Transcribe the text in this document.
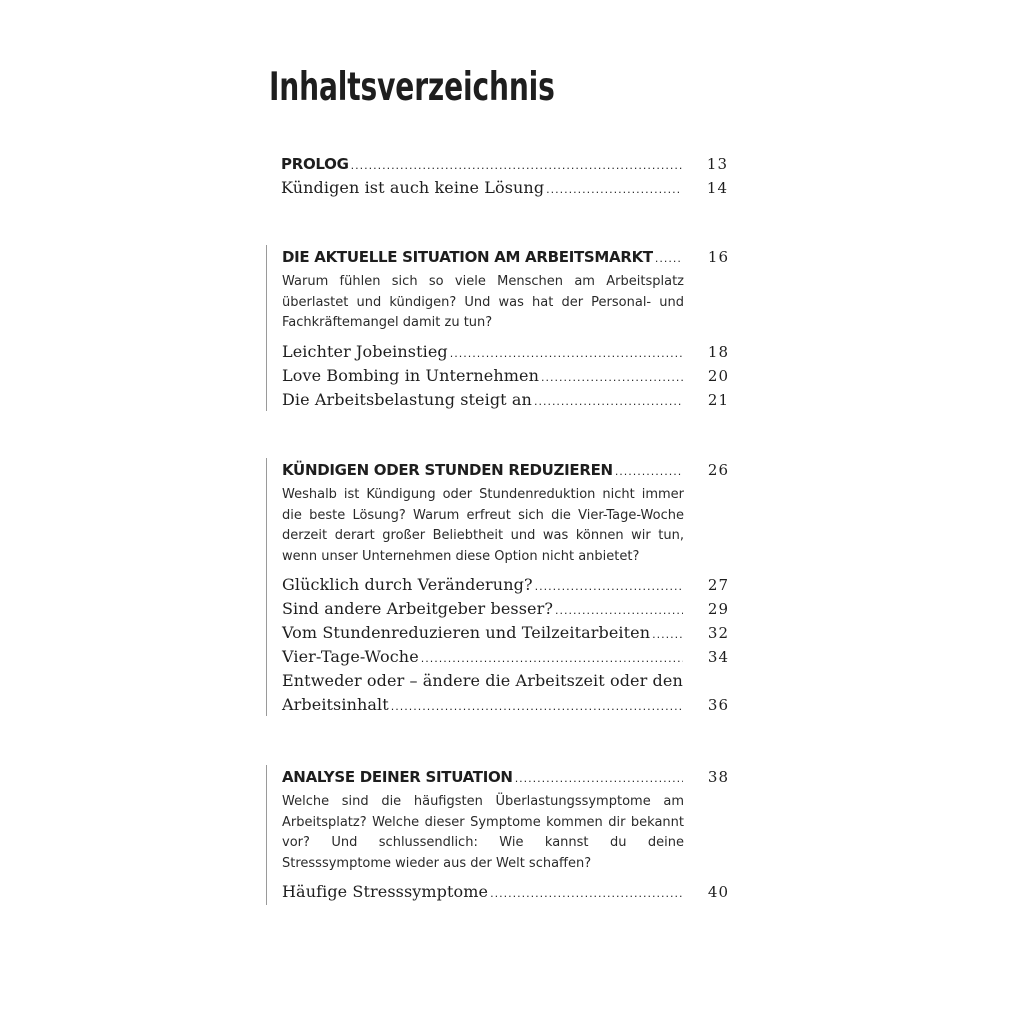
Inhaltsverzeichnis
PROLOG .....	13
Kündigen ist auch keine Lösung .....	14
DIE AKTUELLE SITUATION AM ARBEITSMARKT .....	16
Warum fühlen sich so viele Menschen am Arbeitsplatz überlastet und kündigen? Und was hat der Personal- und Fachkräftemangel damit zu tun?
Leichter Jobeinstieg .....	18
Love Bombing in Unternehmen .....	20
Die Arbeitsbelastung steigt an .....	21
KÜNDIGEN ODER STUNDEN REDUZIEREN .....	26
Weshalb ist Kündigung oder Stundenreduktion nicht immer die beste Lösung? Warum erfreut sich die Vier-Tage-Woche derzeit derart großer Beliebtheit und was können wir tun, wenn unser Unternehmen diese Option nicht anbietet?
Glücklich durch Veränderung? .....	27
Sind andere Arbeitgeber besser? .....	29
Vom Stundenreduzieren und Teilzeitarbeiten .....	32
Vier-Tage-Woche .....	34
Entweder oder – ändere die Arbeitszeit oder den
Arbeitsinhalt .....	36
ANALYSE DEINER SITUATION .....	38
Welche sind die häufigsten Überlastungssymptome am Arbeitsplatz? Welche dieser Symptome kommen dir bekannt vor? Und schlussendlich: Wie kannst du deine Stresssymptome wieder aus der Welt schaffen?
Häufige Stresssymptome .....	40
